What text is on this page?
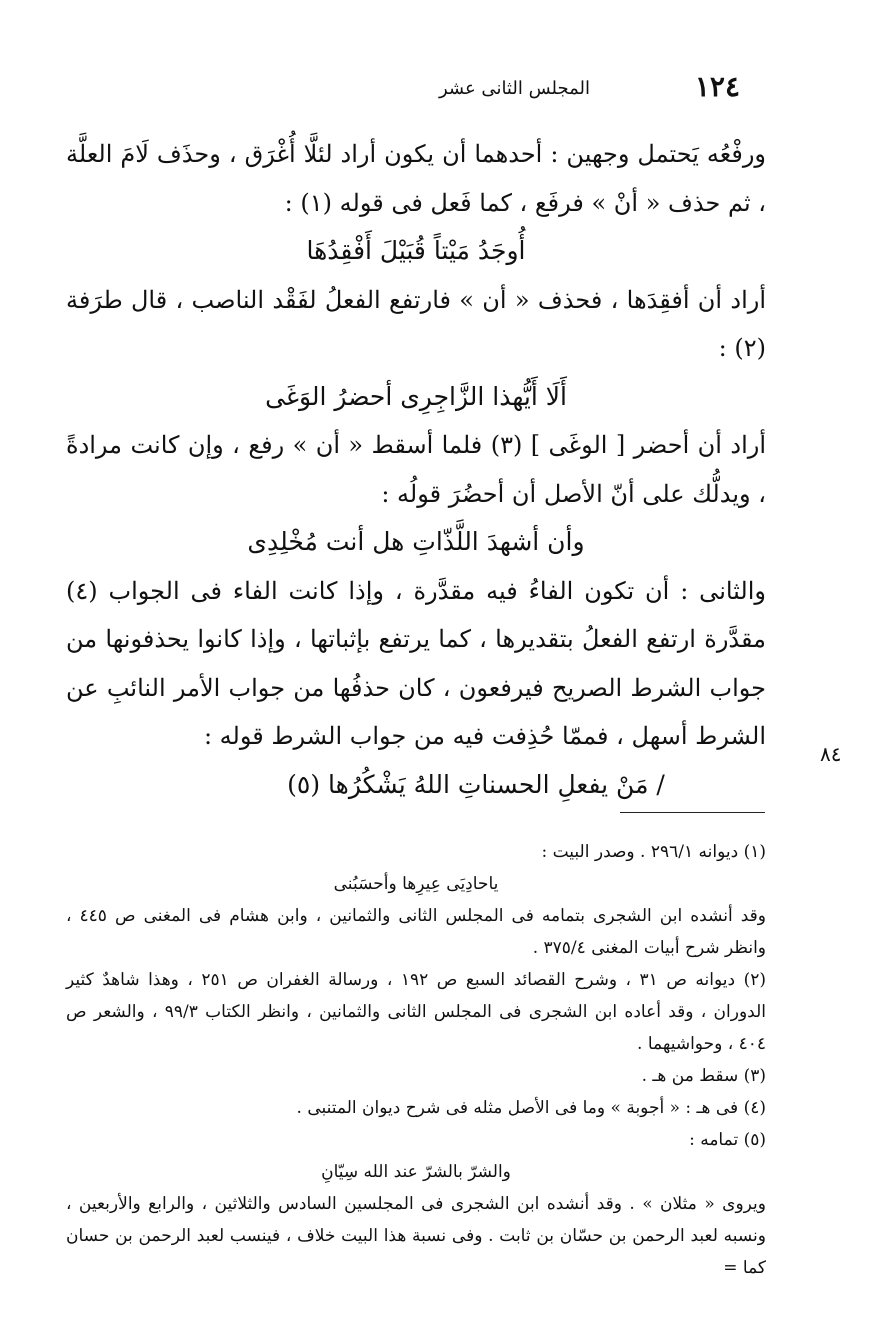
١٢٤
المجلس الثانى عشر

ورفْعُه يَحتمل وجهين : أحدهما أن يكون أراد لئلَّا أُغْرَق ، وحذَف لَامَ العلَّة ، ثم حذف « أنْ » فرفَع ، كما فَعل فى قوله (١) :

أُوجَدُ مَيْتاً قُبَيْلَ أَفْقِدُهَا

أراد أن أفقِدَها ، فحذف « أن » فارتفع الفعلُ لفَقْد الناصب ، قال طرَفة (٢) :

أَلَا أَيُّهذا الزَّاجِرِى أحضرُ الوَغَى

أراد أن أحضر [ الوغَى ] (٣) فلما أسقط « أن » رفع ، وإن كانت مرادةً ، ويدلُّك على أنّ الأصل أن أحضُرَ قولُه :

وأن أشهدَ اللَّذّاتِ هل أنت مُخْلِدِى

والثانى : أن تكون الفاءُ فيه مقدَّرة ، وإذا كانت الفاء فى الجواب (٤) مقدَّرة ارتفع الفعلُ بتقديرها ، كما يرتفع بإثباتها ، وإذا كانوا يحذفونها من جواب الشرط الصريح فيرفعون ، كان حذفُها من جواب الأمر النائبِ عن الشرط أسهل ، فممّا حُذِفت فيه من جواب الشرط قوله :

/ مَنْ يفعلِ الحسناتِ اللهُ يَشْكُرُها (٥)

٨٤

(١) ديوانه ٢٩٦/١ . وصدر البيت :

ياحادِيَى عِيرِها وأحسَبُنى

وقد أنشده ابن الشجرى بتمامه فى المجلس الثانى والثمانين ، وابن هشام فى المغنى ص ٤٤٥ ، وانظر شرح أبيات المغنى ٣٧٥/٤ .

(٢) ديوانه ص ٣١ ، وشرح القصائد السبع ص ١٩٢ ، ورسالة الغفران ص ٢٥١ ، وهذا شاهدٌ كثير الدوران ، وقد أعاده ابن الشجرى فى المجلس الثانى والثمانين ، وانظر الكتاب ٩٩/٣ ، والشعر ص ٤٠٤ ، وحواشيهما .

(٣) سقط من هـ .

(٤) فى هـ : « أجوبة » وما فى الأصل مثله فى شرح ديوان المتنبى .

(٥) تمامه :

والشرّ بالشرّ عند الله سِيّانِ

ويروى « مثلان » . وقد أنشده ابن الشجرى فى المجلسين السادس والثلاثين ، والرابع والأربعين ، ونسبه لعبد الرحمن بن حسّان بن ثابت . وفى نسبة هذا البيت خلاف ، فينسب لعبد الرحمن بن حسان كما =
